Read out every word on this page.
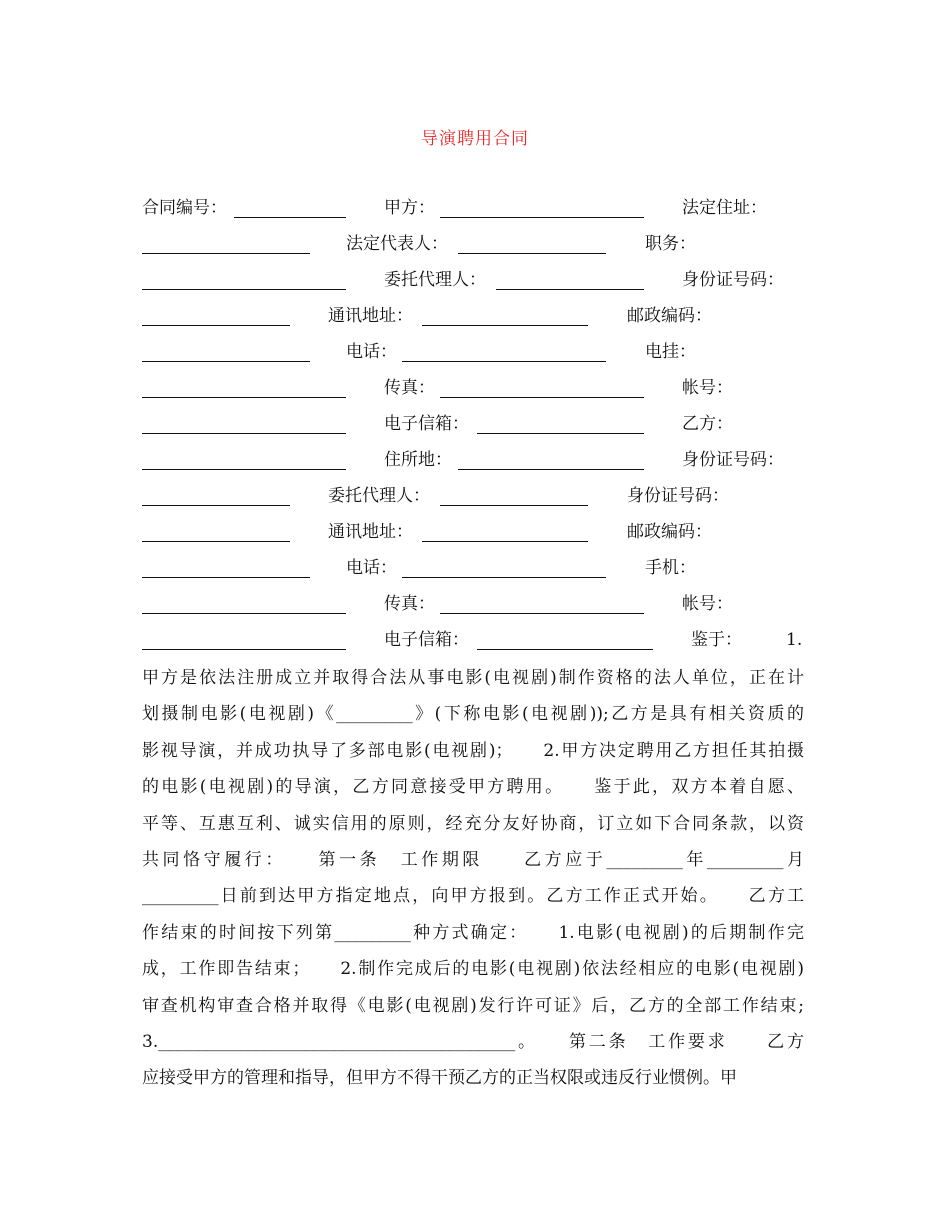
导演聘用合同
合同编号：	甲方：	法定住址：
法定代表人：	职务：
委托代理人：	身份证号码：
通讯地址：	邮政编码：
电话：	电挂：
传真：	帐号：
电子信箱：	乙方：
住所地：	身份证号码：
委托代理人：	身份证号码：
通讯地址：	邮政编码：
电话：	手机：
传真：	帐号：
电子信箱：	鉴于：	1.
甲方是依法注册成立并取得合法从事电影(电视剧)制作资格的法人单位，正在计
划摄制电影(电视剧)《_________》(下称电影(电视剧));乙方是具有相关资质的
影视导演，并成功执导了多部电影(电视剧)；　　2.甲方决定聘用乙方担任其拍摄
的电影(电视剧)的导演，乙方同意接受甲方聘用。　　鉴于此，双方本着自愿、
平等、互惠互利、诚实信用的原则，经充分友好协商，订立如下合同条款，以资
共同恪守履行：　　第一条　工作期限　　乙方应于_________年_________月
_________日前到达甲方指定地点，向甲方报到。乙方工作正式开始。　　乙方工
作结束的时间按下列第_________种方式确定：　　1.电影(电视剧)的后期制作完
成，工作即告结束；　　2.制作完成后的电影(电视剧)依法经相应的电影(电视剧)
审查机构审查合格并取得《电影(电视剧)发行许可证》后，乙方的全部工作结束;
3.__________________________________________。　　第二条　工作要求　　乙方
应接受甲方的管理和指导，但甲方不得干预乙方的正当权限或违反行业惯例。甲
